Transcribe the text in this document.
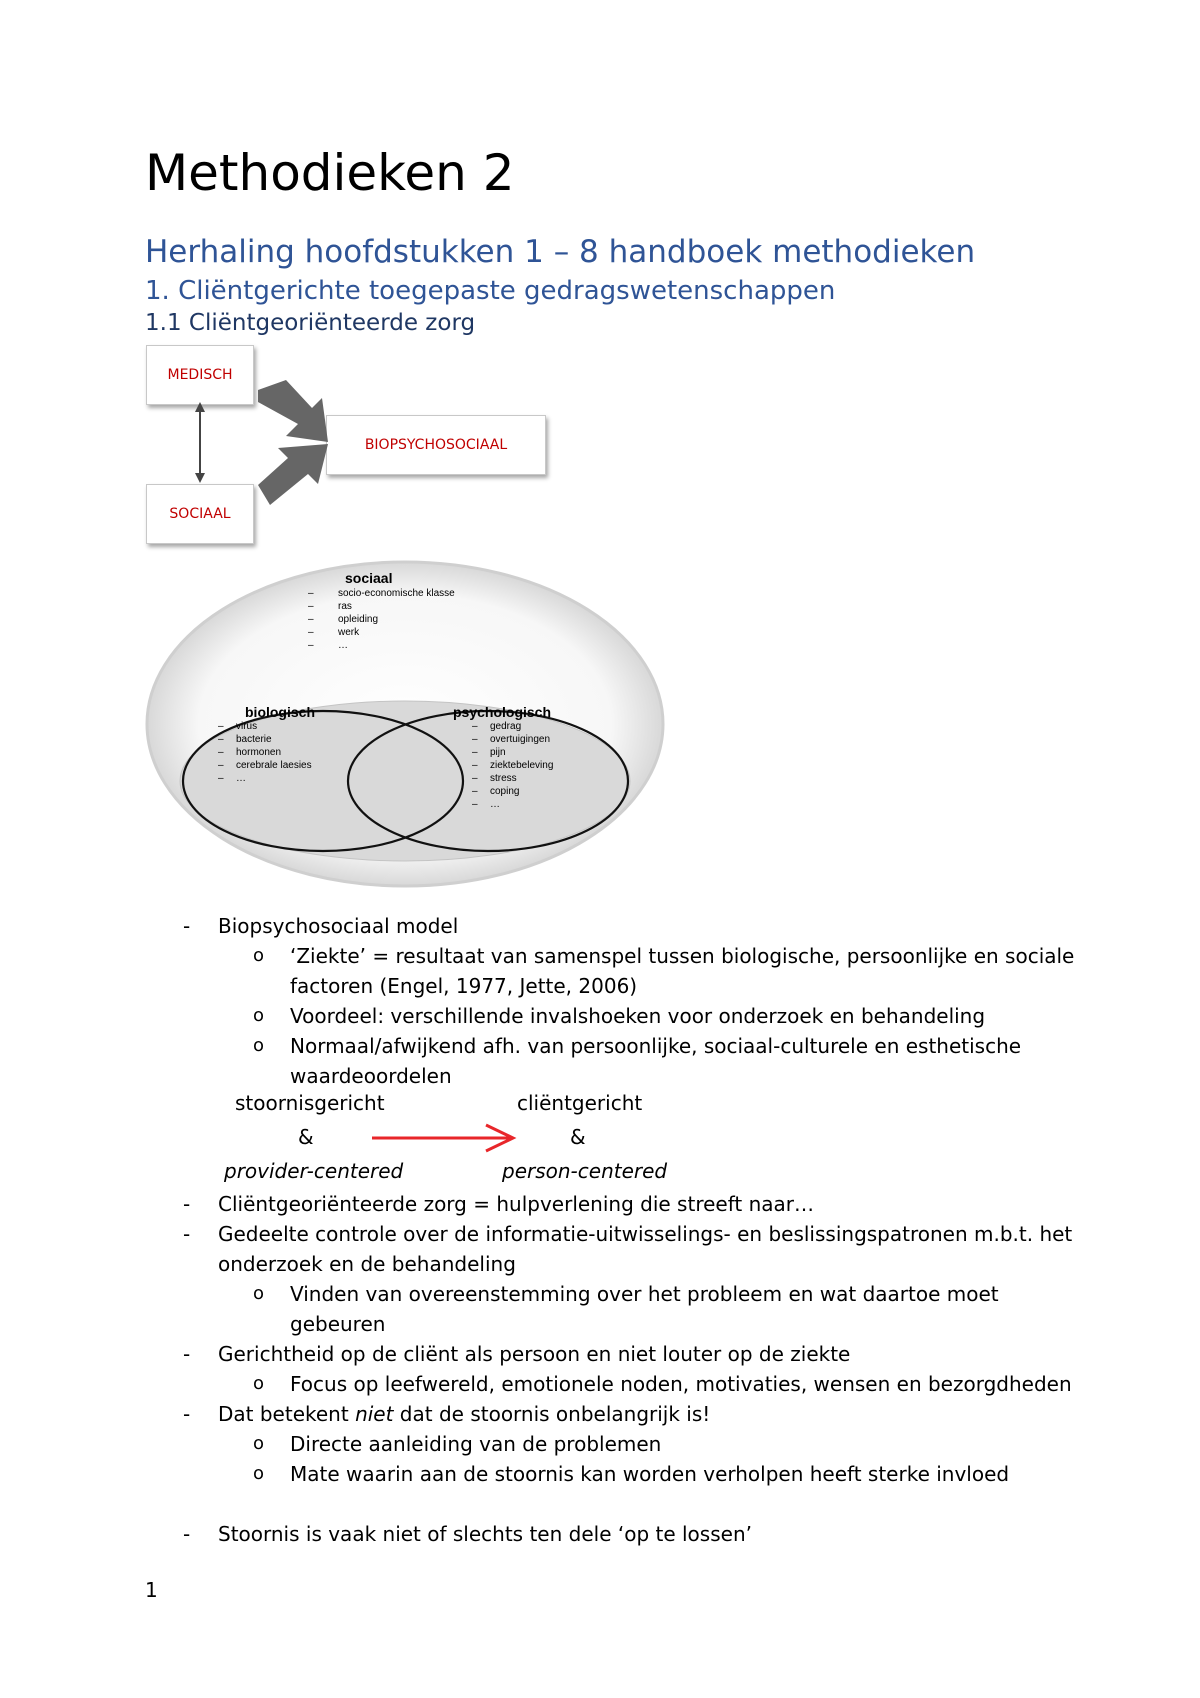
Methodieken 2
Herhaling hoofdstukken 1 – 8 handboek methodieken
1. Cliëntgerichte toegepaste gedragswetenschappen
1.1 Cliëntgeoriënteerde zorg
MEDISCH
SOCIAAL
BIOPSYCHOSOCIAAL
sociaal
– socio-economische klasse
– ras
– opleiding
– werk
– …
biologisch
– virus
– bacterie
– hormonen
– cerebrale laesies
– …
psychologisch
– gedrag
– overtuigingen
– pijn
– ziektebeleving
– stress
– coping
– …
- Biopsychosociaal model
o ‘Ziekte’ = resultaat van samenspel tussen biologische, persoonlijke en sociale
factoren (Engel, 1977, Jette, 2006)
o Voordeel: verschillende invalshoeken voor onderzoek en behandeling
o Normaal/afwijkend afh. van persoonlijke, sociaal-culturele en esthetische
waardeoordelen
stoornisgericht
&
provider-centered
cliëntgericht
&
person-centered
- Cliëntgeoriënteerde zorg = hulpverlening die streeft naar…
- Gedeelte controle over de informatie-uitwisselings- en beslissingspatronen m.b.t. het
onderzoek en de behandeling
o Vinden van overeenstemming over het probleem en wat daartoe moet
gebeuren
- Gerichtheid op de cliënt als persoon en niet louter op de ziekte
o Focus op leefwereld, emotionele noden, motivaties, wensen en bezorgdheden
- Dat betekent niet dat de stoornis onbelangrijk is!
o Directe aanleiding van de problemen
o Mate waarin aan de stoornis kan worden verholpen heeft sterke invloed
- Stoornis is vaak niet of slechts ten dele ‘op te lossen’
1
